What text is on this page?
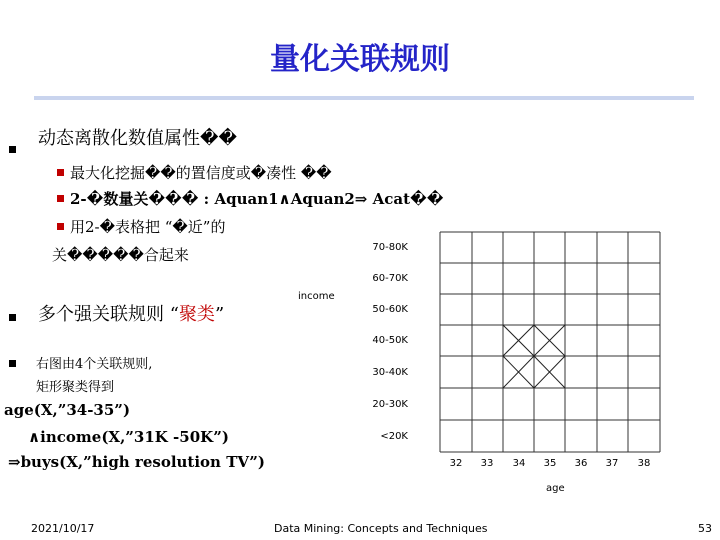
量化关联规则
动态离散化数值属性��
最大化挖掘��的置信度或�凑性 ��
2-�数量关��� : Aquan1∧Aquan2⇒ Acat��
用2-�表格把 “�近”的
关�����合起来
多个强关联规则 “聚类”
右图由4个关联规则,
矩形聚类得到
age(X,”34-35”)
∧income(X,”31K -50K”)
⇒buys(X,”high resolution TV”)
70-80K
60-70K
50-60K
40-50K
30-40K
20-30K
<20K
32 33 34 35 36 37 38
income
age
2021/10/17	Data Mining: Concepts and Techniques	53
